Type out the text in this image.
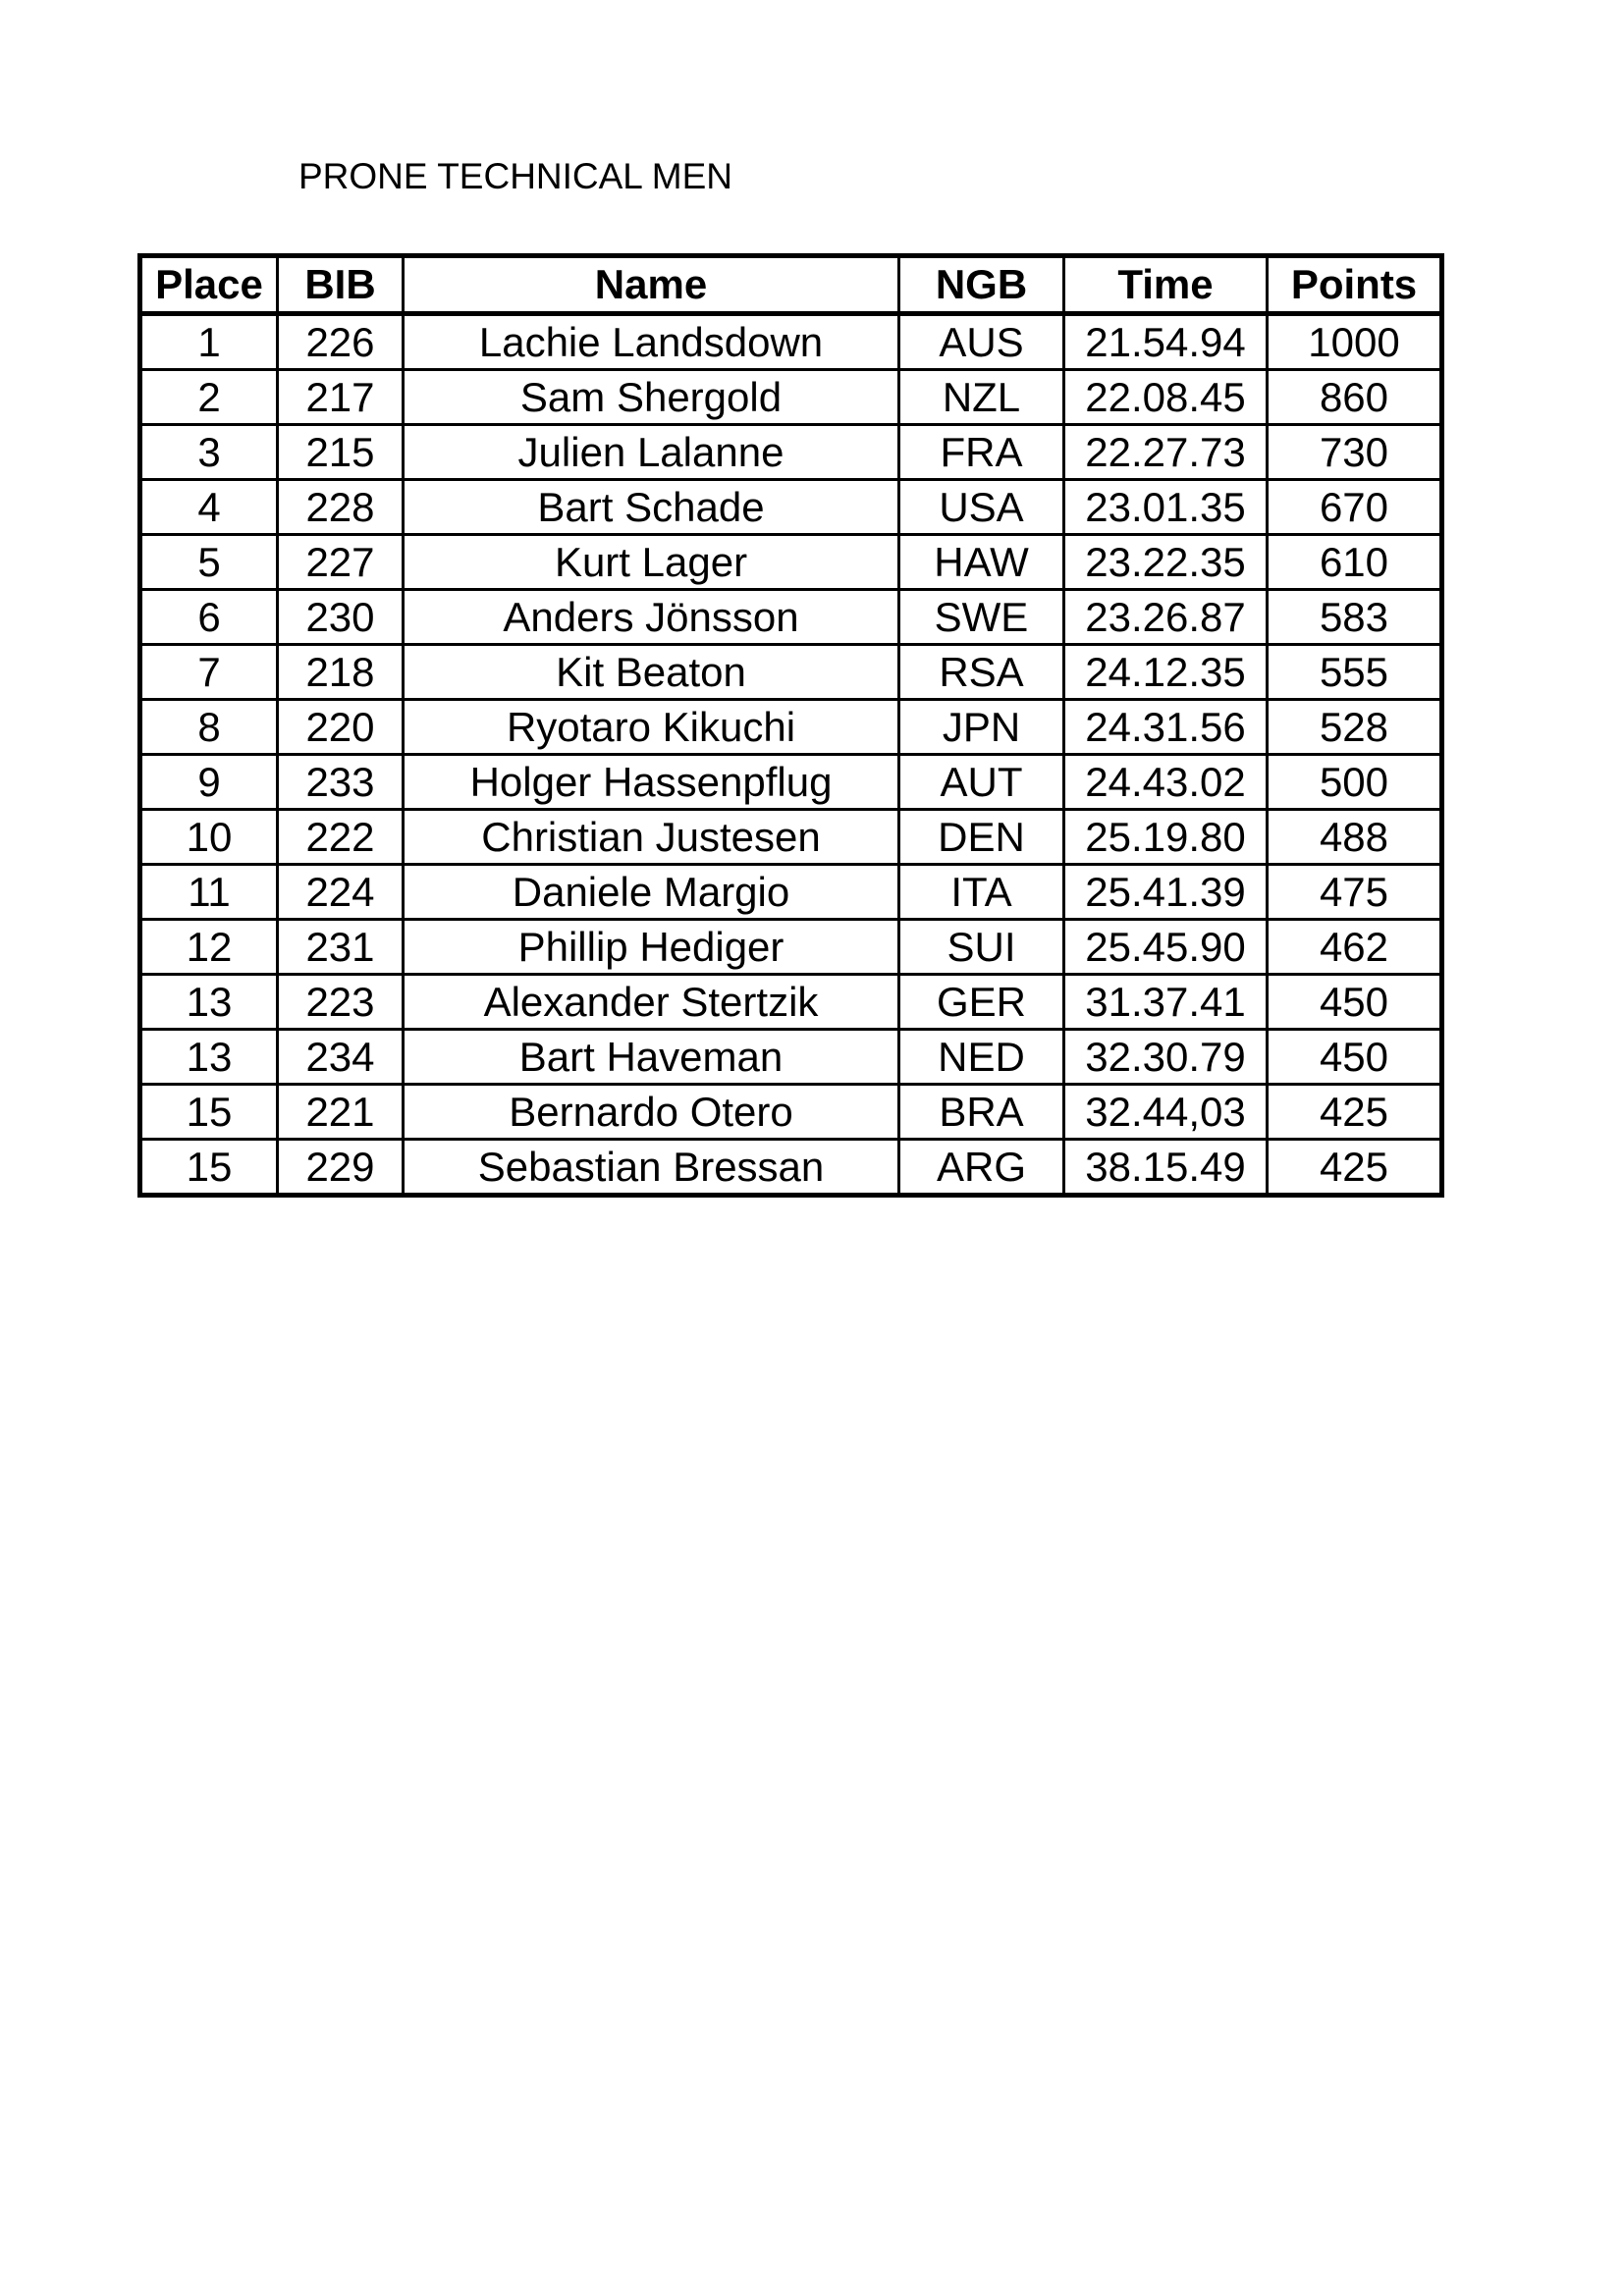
PRONE TECHNICAL MEN
Place	BIB	Name	NGB	Time	Points
1	226	Lachie Landsdown	AUS	21.54.94	1000
2	217	Sam Shergold	NZL	22.08.45	860
3	215	Julien Lalanne	FRA	22.27.73	730
4	228	Bart Schade	USA	23.01.35	670
5	227	Kurt Lager	HAW	23.22.35	610
6	230	Anders Jönsson	SWE	23.26.87	583
7	218	Kit Beaton	RSA	24.12.35	555
8	220	Ryotaro Kikuchi	JPN	24.31.56	528
9	233	Holger Hassenpflug	AUT	24.43.02	500
10	222	Christian Justesen	DEN	25.19.80	488
11	224	Daniele Margio	ITA	25.41.39	475
12	231	Phillip Hediger	SUI	25.45.90	462
13	223	Alexander Stertzik	GER	31.37.41	450
13	234	Bart Haveman	NED	32.30.79	450
15	221	Bernardo Otero	BRA	32.44,03	425
15	229	Sebastian Bressan	ARG	38.15.49	425
